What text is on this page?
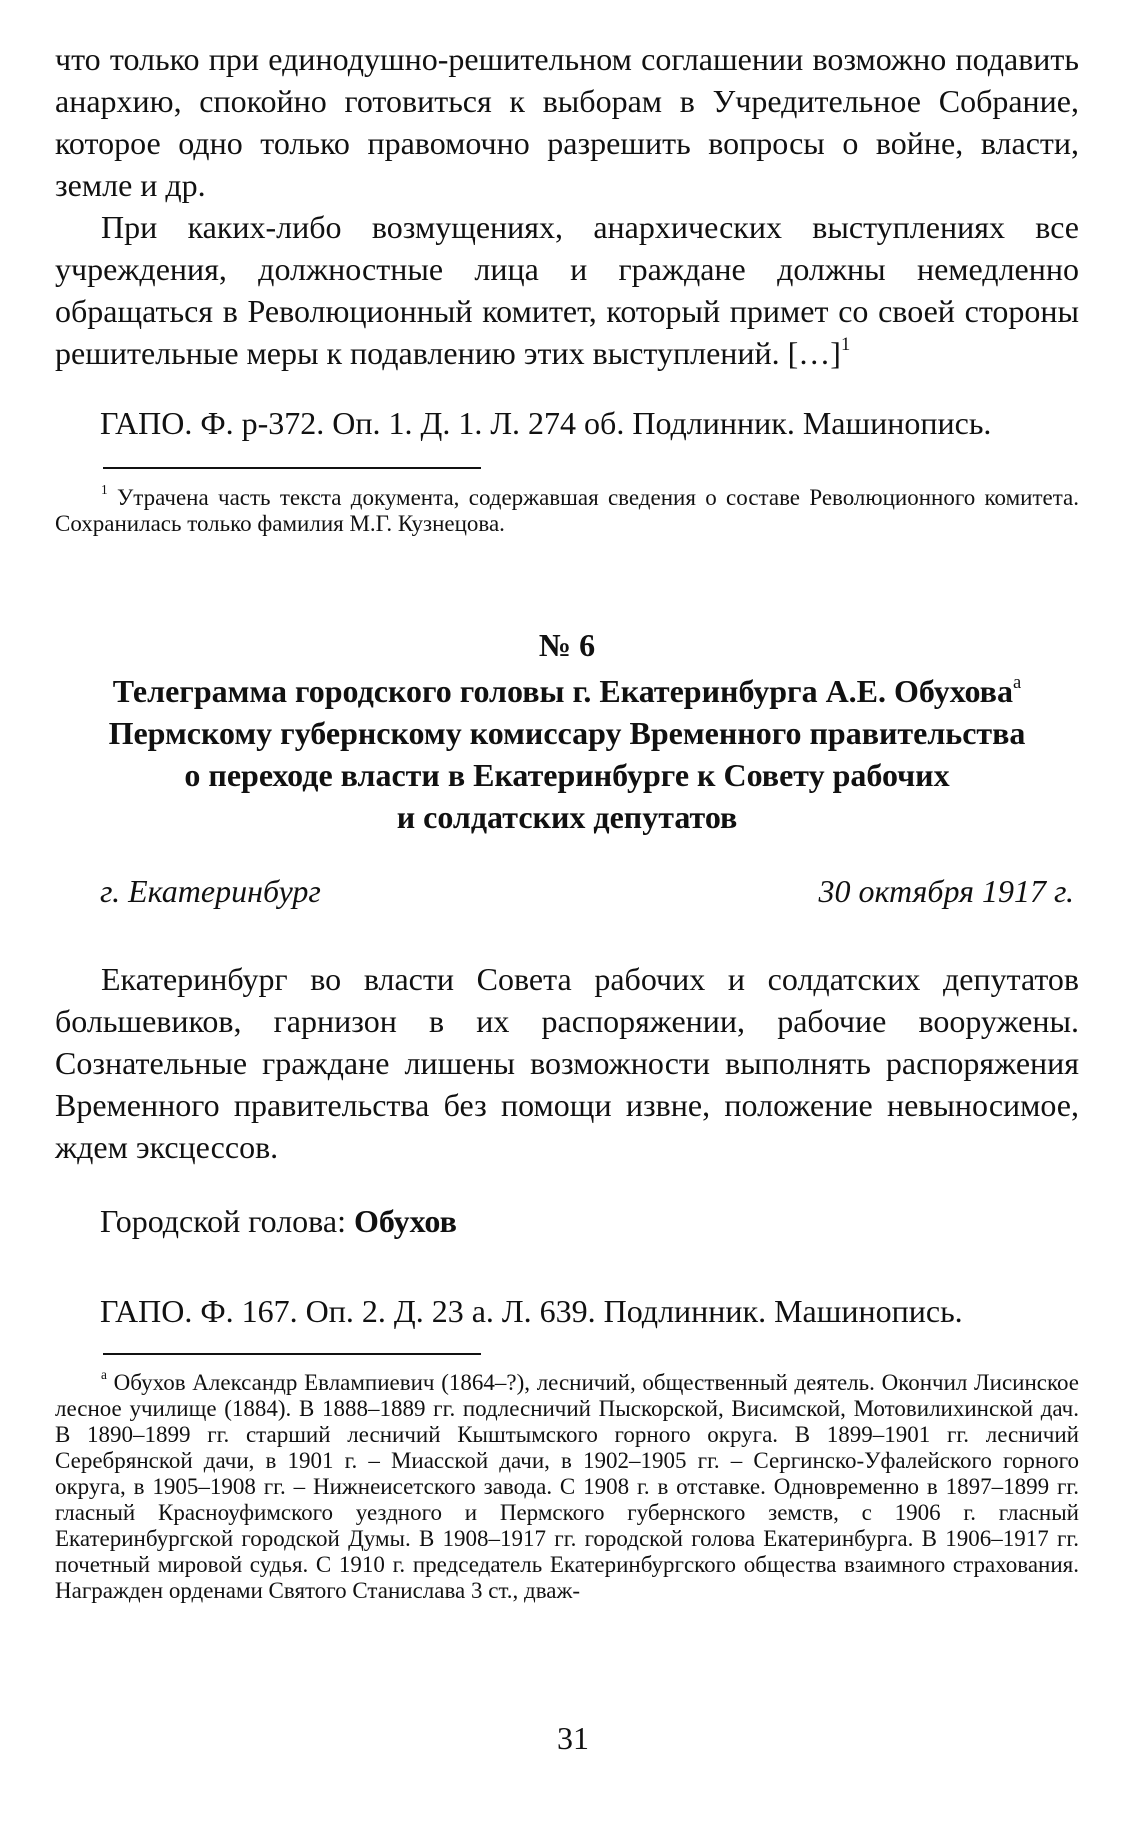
что только при единодушно-решительном соглашении возможно подавить анархию, спокойно готовиться к выборам в Учредительное Собрание, которое одно только правомочно разрешить вопросы о войне, власти, земле и др.

При каких-либо возмущениях, анархических выступлениях все учреждения, должностные лица и граждане должны немедленно обращаться в Революционный комитет, который примет со своей стороны решительные меры к подавлению этих выступлений. […]$^1$

ГАПО. Ф. р-372. Оп. 1. Д. 1. Л. 274 об. Подлинник. Машинопись.

$^1$ Утрачена часть текста документа, содержавшая сведения о составе Революционного комитета. Сохранилась только фамилия М.Г. Кузнецова.

№ 6
Телеграмма городского головы г. Екатеринбурга А.Е. Обухова$^а$
Пермскому губернскому комиссару Временного правительства
о переходе власти в Екатеринбурге к Совету рабочих
и солдатских депутатов
г. Екатеринбург	30 октября 1917 г.

Екатеринбург во власти Совета рабочих и солдатских депутатов большевиков, гарнизон в их распоряжении, рабочие вооружены. Сознательные граждане лишены возможности выполнять распоряжения Временного правительства без помощи извне, положение невыносимое, ждем эксцессов.

Городской голова: Обухов
ГАПО. Ф. 167. Оп. 2. Д. 23 а. Л. 639. Подлинник. Машинопись.

$^а$ Обухов Александр Евлампиевич (1864–?), лесничий, общественный деятель. Окончил Лисинское лесное училище (1884). В 1888–1889 гг. подлесничий Пыскорской, Висимской, Мотовилихинской дач. В 1890–1899 гг. старший лесничий Кыштымского горного округа. В 1899–1901 гг. лесничий Серебрянской дачи, в 1901 г. – Миасской дачи, в 1902–1905 гг. – Сергинско-Уфалейского горного округа, в 1905–1908 гг. – Нижнеисетского завода. С 1908 г. в отставке. Одновременно в 1897–1899 гг. гласный Красноуфимского уездного и Пермского губернского земств, с 1906 г. гласный Екатеринбургской городской Думы. В 1908–1917 гг. городской голова Екатеринбурга. В 1906–1917 гг. почетный мировой судья. С 1910 г. председатель Екатеринбургского общества взаимного страхования. Награжден орденами Святого Станислава 3 ст., дваж-

31
